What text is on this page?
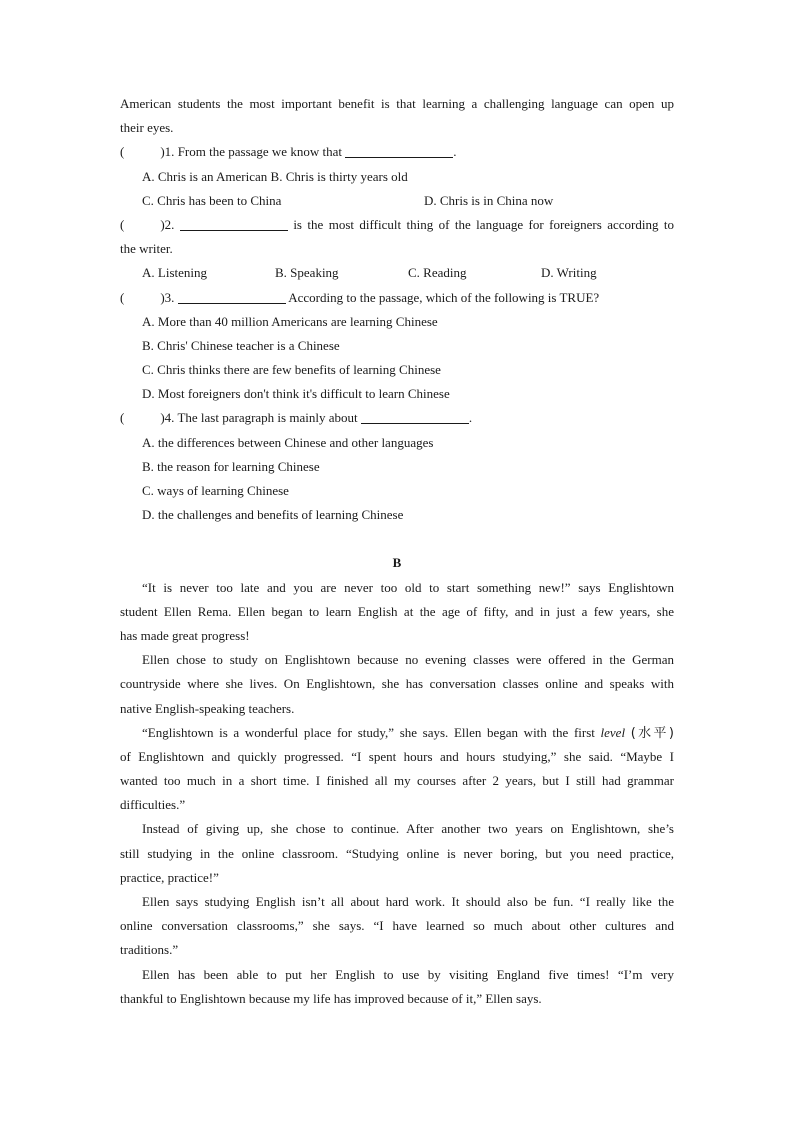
American students the most important benefit is that learning a challenging language can open up
their eyes.
(	)1. From the passage we know that	.
A. Chris is an American B. Chris is thirty years old
C. Chris has been to China	D. Chris is in China now
(	)2.	is the most difficult thing of the language for foreigners according to
the writer.
A. Listening	B. Speaking	C. Reading	D. Writing
(	)3.	According to the passage, which of the following is TRUE?
A. More than 40 million Americans are learning Chinese
B. Chris' Chinese teacher is a Chinese
C. Chris thinks there are few benefits of learning Chinese
D. Most foreigners don't think it's difficult to learn Chinese
(	)4. The last paragraph is mainly about	.
A. the differences between Chinese and other languages
B. the reason for learning Chinese
C. ways of learning Chinese
D. the challenges and benefits of learning Chinese
B
“It is never too late and you are never too old to start something new!” says Englishtown
student Ellen Rema. Ellen began to learn English at the age of fifty, and in just a few years, she
has made great progress!
Ellen chose to study on Englishtown because no evening classes were offered in the German
countryside where she lives. On Englishtown, she has conversation classes online and speaks with
native English-speaking teachers.
“Englishtown is a wonderful place for study,” she says. Ellen began with the first level (水平)
of Englishtown and quickly progressed. “I spent hours and hours studying,” she said. “Maybe I
wanted too much in a short time. I finished all my courses after 2 years, but I still had grammar
difficulties.”
Instead of giving up, she chose to continue. After another two years on Englishtown, she’s
still studying in the online classroom. “Studying online is never boring, but you need practice,
practice, practice!”
Ellen says studying English isn’t all about hard work. It should also be fun. “I really like the
online conversation classrooms,” she says. “I have learned so much about other cultures and
traditions.”
Ellen has been able to put her English to use by visiting England five times! “I’m very
thankful to Englishtown because my life has improved because of it,” Ellen says.
